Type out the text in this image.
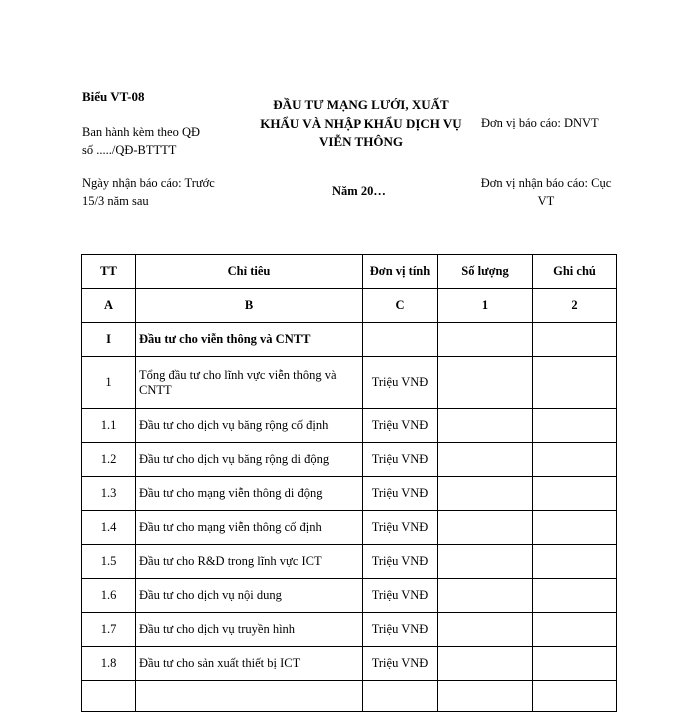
Biểu VT-08
Ban hành kèm theo QĐ
số ...../QĐ-BTTTT
ĐẦU TƯ MẠNG LƯỚI, XUẤT
KHẨU VÀ NHẬP KHẨU DỊCH VỤ
VIỄN THÔNG
Đơn vị báo cáo: DNVT
Ngày nhận báo cáo: Trước
15/3 năm sau
Năm 20…
Đơn vị nhận báo cáo: Cục
VT
TT	Chỉ tiêu	Đơn vị tính	Số lượng	Ghi chú
A	B	C	1	2
I	Đầu tư cho viễn thông và CNTT			
1	Tổng đầu tư cho lĩnh vực viễn thông và CNTT	Triệu VNĐ		
1.1	Đầu tư cho dịch vụ băng rộng cố định	Triệu VNĐ		
1.2	Đầu tư cho dịch vụ băng rộng di động	Triệu VNĐ		
1.3	Đầu tư cho mạng viễn thông di động	Triệu VNĐ		
1.4	Đầu tư cho mạng viễn thông cố định	Triệu VNĐ		
1.5	Đầu tư cho R&D trong lĩnh vực ICT	Triệu VNĐ		
1.6	Đầu tư cho dịch vụ nội dung	Triệu VNĐ		
1.7	Đầu tư cho dịch vụ truyền hình	Triệu VNĐ		
1.8	Đầu tư cho sản xuất thiết bị ICT	Triệu VNĐ		
